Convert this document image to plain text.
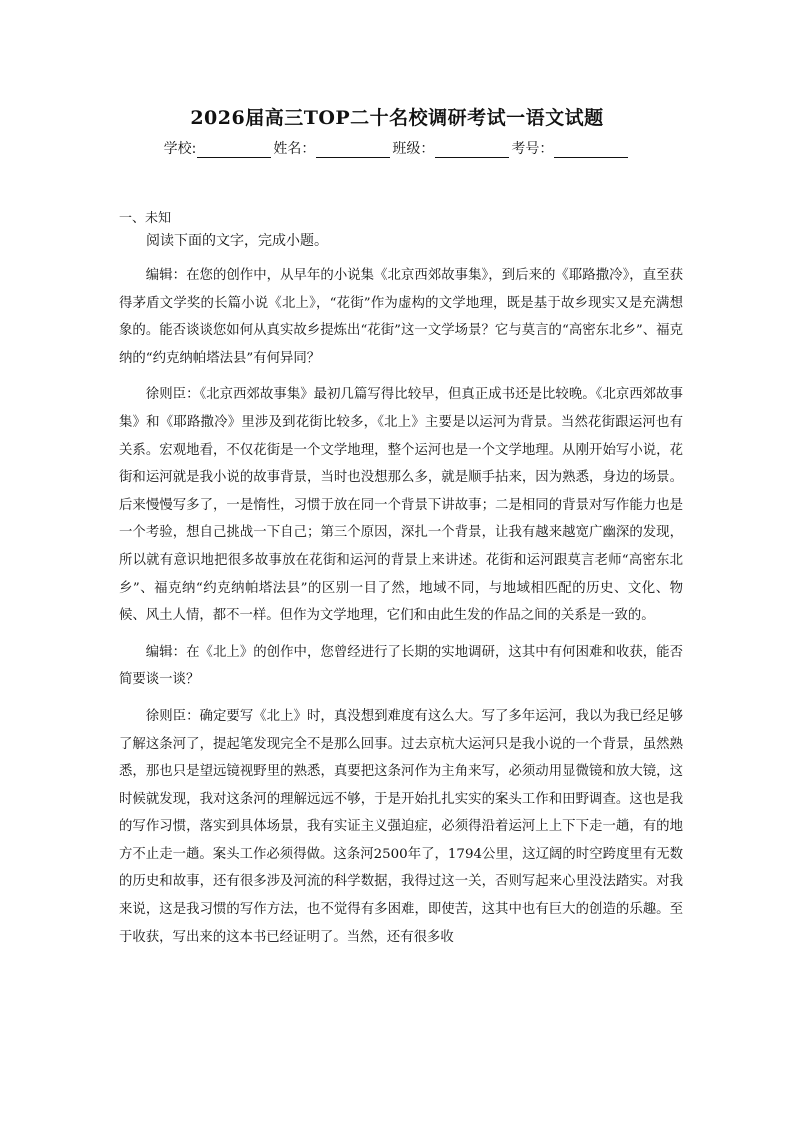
2026届高三TOP二十名校调研考试一语文试题
学校:	姓名：	班级：	考号：
一、未知
阅读下面的文字，完成小题。

编辑：在您的创作中，从早年的小说集《北京西郊故事集》，到后来的《耶路撒冷》，直至获得茅盾文学奖的长篇小说《北上》，“花街”作为虚构的文学地理，既是基于故乡现实又是充满想象的。能否谈谈您如何从真实故乡提炼出“花街”这一文学场景？它与莫言的“高密东北乡”、福克纳的“约克纳帕塔法县”有何异同？

徐则臣：《北京西郊故事集》最初几篇写得比较早，但真正成书还是比较晚。《北京西郊故事集》和《耶路撒冷》里涉及到花街比较多，《北上》主要是以运河为背景。当然花街跟运河也有关系。宏观地看，不仅花街是一个文学地理，整个运河也是一个文学地理。从刚开始写小说，花街和运河就是我小说的故事背景，当时也没想那么多，就是顺手拈来，因为熟悉，身边的场景。后来慢慢写多了，一是惰性，习惯于放在同一个背景下讲故事；二是相同的背景对写作能力也是一个考验，想自己挑战一下自己；第三个原因，深扎一个背景，让我有越来越宽广幽深的发现，所以就有意识地把很多故事放在花街和运河的背景上来讲述。花街和运河跟莫言老师“高密东北乡”、福克纳“约克纳帕塔法县”的区别一目了然，地域不同，与地域相匹配的历史、文化、物候、风土人情，都不一样。但作为文学地理，它们和由此生发的作品之间的关系是一致的。

编辑：在《北上》的创作中，您曾经进行了长期的实地调研，这其中有何困难和收获，能否简要谈一谈？

徐则臣：确定要写《北上》时，真没想到难度有这么大。写了多年运河，我以为我已经足够了解这条河了，提起笔发现完全不是那么回事。过去京杭大运河只是我小说的一个背景，虽然熟悉，那也只是望远镜视野里的熟悉，真要把这条河作为主角来写，必须动用显微镜和放大镜，这时候就发现，我对这条河的理解远远不够，于是开始扎扎实实的案头工作和田野调查。这也是我的写作习惯，落实到具体场景，我有实证主义强迫症，必须得沿着运河上上下下走一趟，有的地方不止走一趟。案头工作必须得做。这条河2500年了，1794公里，这辽阔的时空跨度里有无数的历史和故事，还有很多涉及河流的科学数据，我得过这一关，否则写起来心里没法踏实。对我来说，这是我习惯的写作方法，也不觉得有多困难，即使苦，这其中也有巨大的创造的乐趣。至于收获，写出来的这本书已经证明了。当然，还有很多收
